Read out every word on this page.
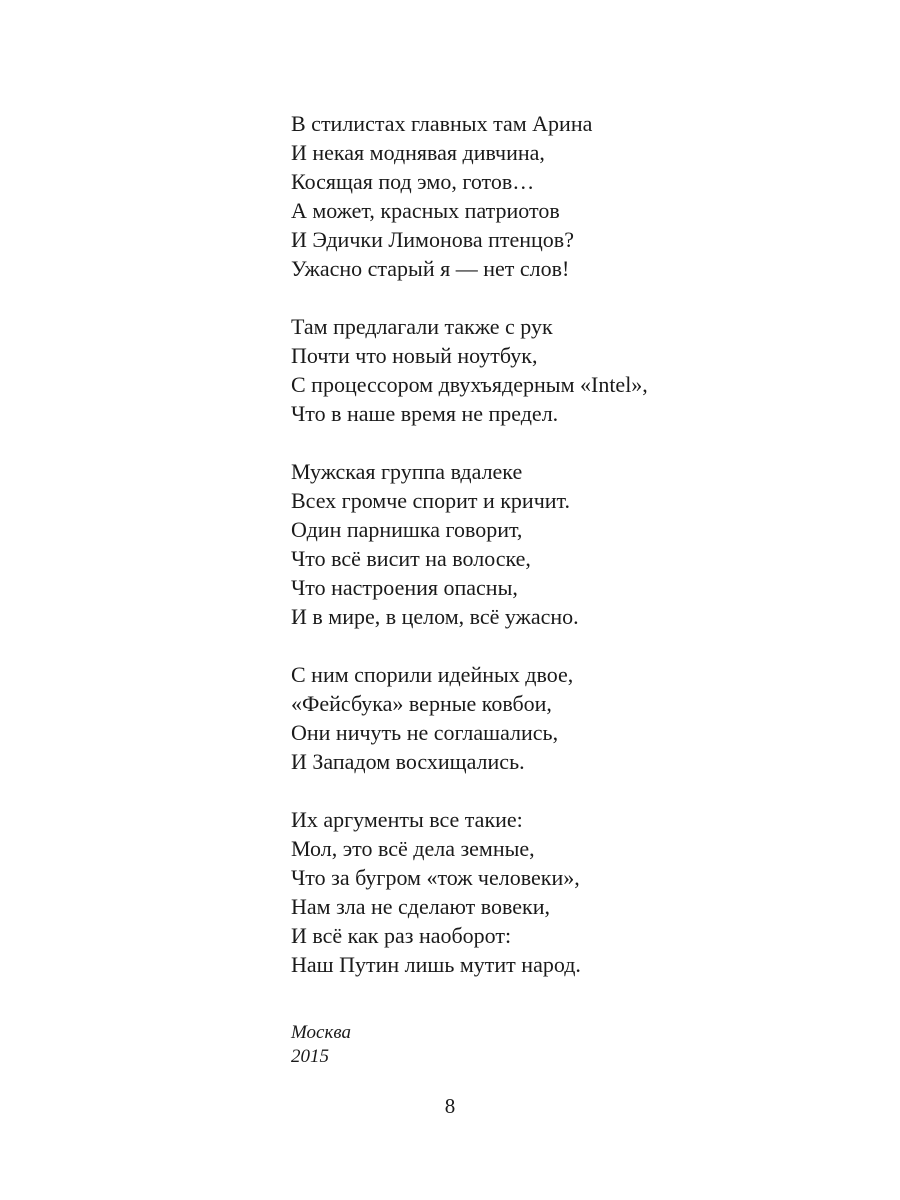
В стилистах главных там Арина
И некая моднявая дивчина,
Косящая под эмо, готов…
А может, красных патриотов
И Эдички Лимонова птенцов?
Ужасно старый я — нет слов!
Там предлагали также с рук
Почти что новый ноутбук,
С процессором двухъядерным «Intel»,
Что в наше время не предел.
Мужская группа вдалеке
Всех громче спорит и кричит.
Один парнишка говорит,
Что всё висит на волоске,
Что настроения опасны,
И в мире, в целом, всё ужасно.
С ним спорили идейных двое,
«Фейсбука» верные ковбои,
Они ничуть не соглашались,
И Западом восхищались.
Их аргументы все такие:
Мол, это всё дела земные,
Что за бугром «тож человеки»,
Нам зла не сделают вовеки,
И всё как раз наоборот:
Наш Путин лишь мутит народ.
Москва
2015
8
